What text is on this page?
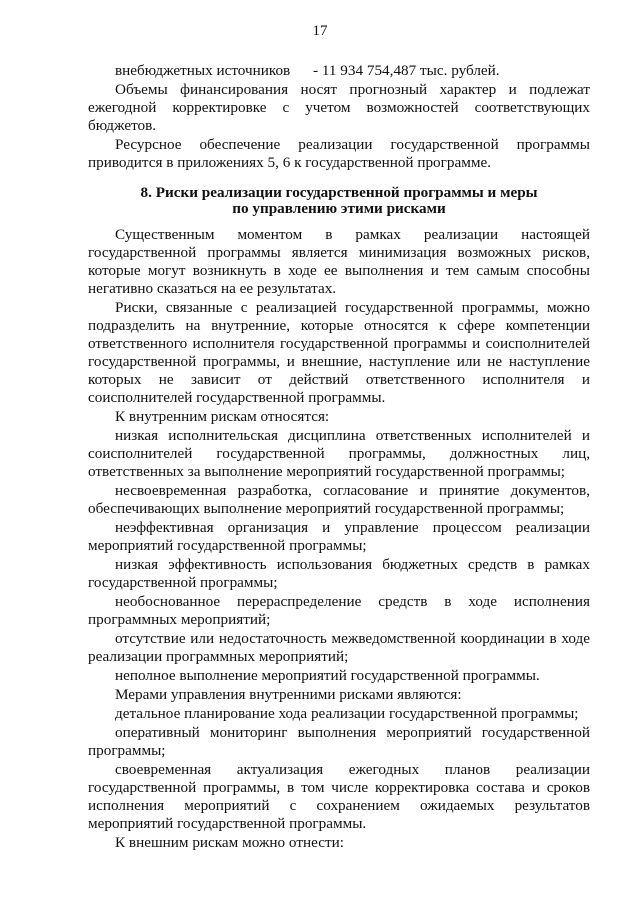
17

внебюджетных источников      - 11 934 754,487 тыс. рублей.

Объемы финансирования носят прогнозный характер и подлежат ежегодной корректировке с учетом возможностей соответствующих бюджетов.

Ресурсное обеспечение реализации государственной программы приводится в приложениях 5, 6 к государственной программе.

8. Риски реализации государственной программы и меры
по управлению этими рисками

Существенным моментом в рамках реализации настоящей государственной программы является минимизация возможных рисков, которые могут возникнуть в ходе ее выполнения и тем самым способны негативно сказаться на ее результатах.

Риски, связанные с реализацией государственной программы, можно подразделить на внутренние, которые относятся к сфере компетенции ответственного исполнителя государственной программы и соисполнителей государственной программы, и внешние, наступление или не наступление которых не зависит от действий ответственного исполнителя и соисполнителей государственной программы.

К внутренним рискам относятся:

низкая исполнительская дисциплина ответственных исполнителей и соисполнителей государственной программы, должностных лиц, ответственных за выполнение мероприятий государственной программы;

несвоевременная разработка, согласование и принятие документов, обеспечивающих выполнение мероприятий государственной программы;

неэффективная организация и управление процессом реализации мероприятий государственной программы;

низкая эффективность использования бюджетных средств в рамках государственной программы;

необоснованное перераспределение средств в ходе исполнения программных мероприятий;

отсутствие или недостаточность межведомственной координации в ходе реализации программных мероприятий;

неполное выполнение мероприятий государственной программы.

Мерами управления внутренними рисками являются:

детальное планирование хода реализации государственной программы;

оперативный мониторинг выполнения мероприятий государственной программы;

своевременная актуализация ежегодных планов реализации государственной программы, в том числе корректировка состава и сроков исполнения мероприятий с сохранением ожидаемых результатов мероприятий государственной программы.

К внешним рискам можно отнести:
